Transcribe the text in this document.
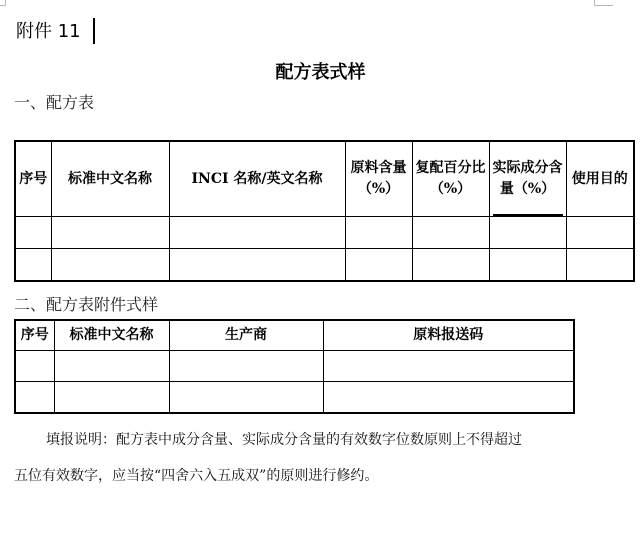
附件 11
配方表式样
一、配方表
序号	标准中文名称	INCI 名称/英文名称	原料含量（%）	复配百分比（%）	实际成分含量（%）	使用目的

二、配方表附件式样
序号	标准中文名称	生产商	原料报送码

填报说明：配方表中成分含量、实际成分含量的有效数字位数原则上不得超过
五位有效数字，应当按“四舍六入五成双”的原则进行修约。
